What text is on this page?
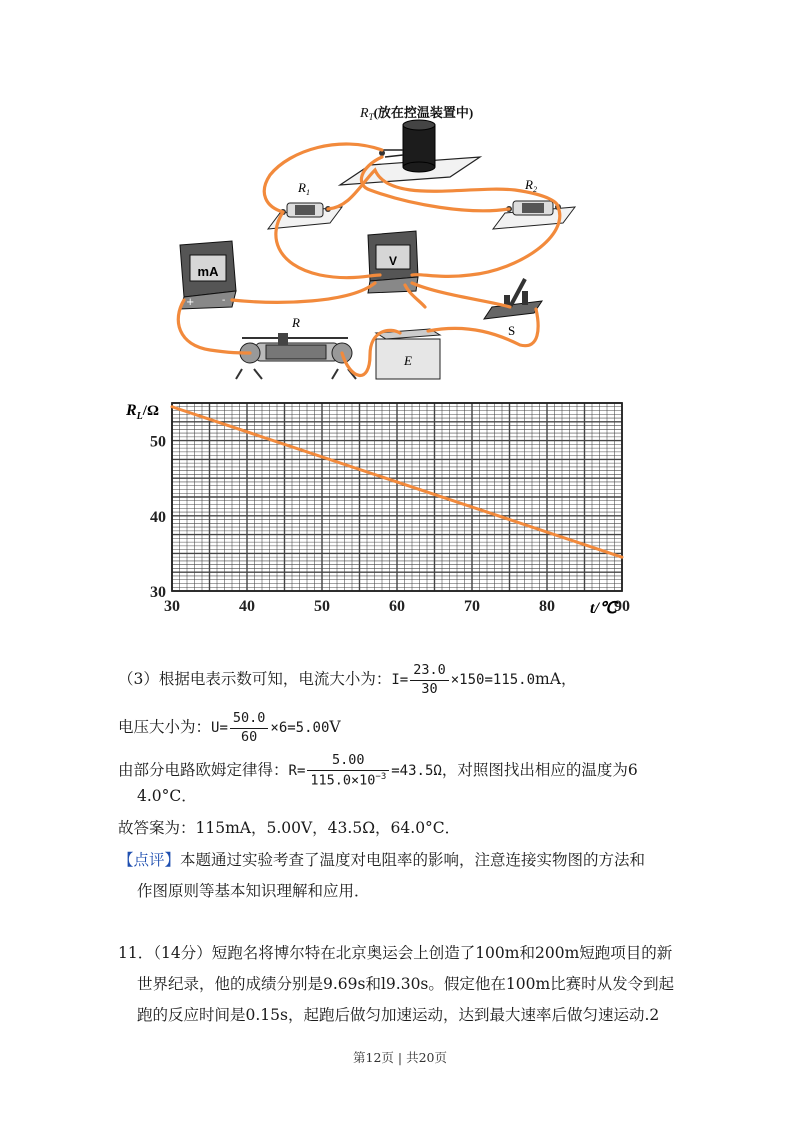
$R_T$(放在控温装置中)
$R_1$
$R_2$
mA
+	-
V
S
R
E
30
40
50
30	40	50	60	70	80	90
$R_L/\Omega$
t/℃
（3）根据电表示数可知，电流大小为：$I= \frac{23.0}{30} \times 150=115.0mA$，
电压大小为：$U= \frac{50.0}{60} \times 6=5.00V$
由部分电路欧姆定律得：$R= \frac{5.00}{115.0\times 10^{-3}} =43.5\Omega$，对照图找出相应的温度为6
4.0°C．
故答案为：115mA，5.00V，43.5Ω，64.0°C．
【点评】本题通过实验考查了温度对电阻率的影响，注意连接实物图的方法和
作图原则等基本知识理解和应用．
11．（14分）短跑名将博尔特在北京奥运会上创造了100m和200m短跑项目的新
世界纪录，他的成绩分别是9.69s和l9.30s。假定他在100m比赛时从发令到起
跑的反应时间是0.15s，起跑后做匀加速运动，达到最大速率后做匀速运动.2
第12页 | 共20页
